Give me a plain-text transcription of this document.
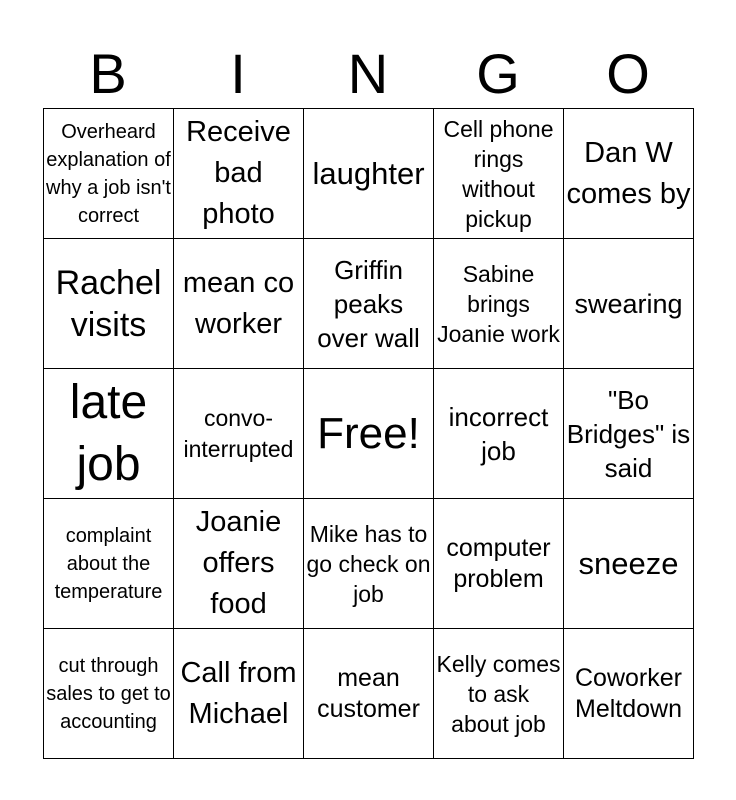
B	I	N	G	O
Overheard explanation of why a job isn't correct	Receive bad photo	laughter	Cell phone rings without pickup	Dan W comes by
Rachel visits	mean co worker	Griffin peaks over wall	Sabine brings Joanie work	swearing
late job	convo-interrupted	Free!	incorrect job	"Bo Bridges" is said
complaint about the temperature	Joanie offers food	Mike has to go check on job	computer problem	sneeze
cut through sales to get to accounting	Call from Michael	mean customer	Kelly comes to ask about job	Coworker Meltdown
